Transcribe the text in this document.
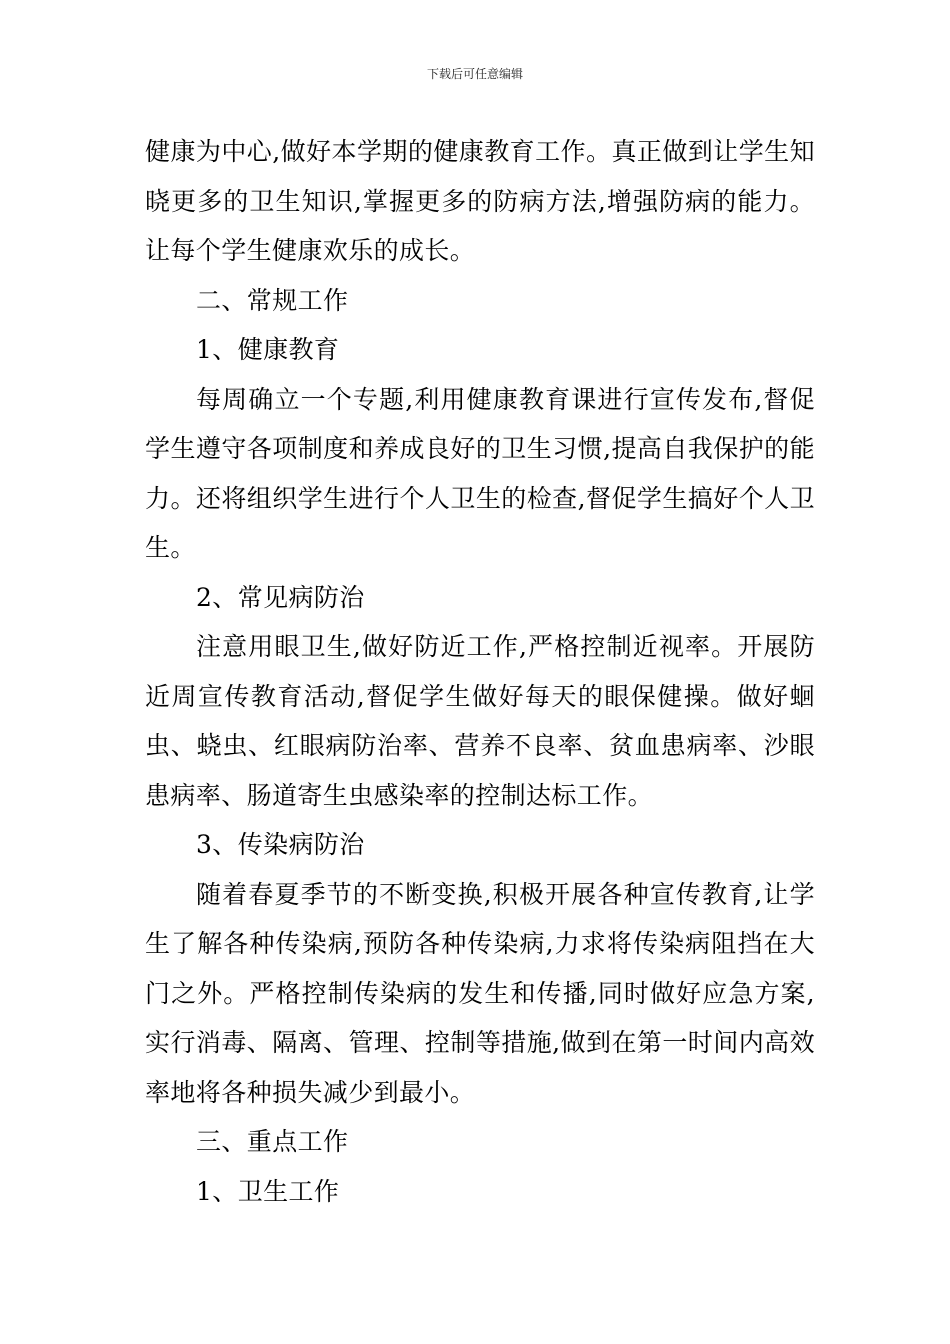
下载后可任意编辑

健康为中心,做好本学期的健康教育工作。真正做到让学生知晓更多的卫生知识,掌握更多的防病方法,增强防病的能力。让每个学生健康欢乐的成长。

二、常规工作

1、健康教育

每周确立一个专题,利用健康教育课进行宣传发布,督促学生遵守各项制度和养成良好的卫生习惯,提高自我保护的能力。还将组织学生进行个人卫生的检查,督促学生搞好个人卫生。

2、常见病防治

注意用眼卫生,做好防近工作,严格控制近视率。开展防近周宣传教育活动,督促学生做好每天的眼保健操。做好蛔虫、蛲虫、红眼病防治率、营养不良率、贫血患病率、沙眼患病率、肠道寄生虫感染率的控制达标工作。

3、传染病防治

随着春夏季节的不断变换,积极开展各种宣传教育,让学生了解各种传染病,预防各种传染病,力求将传染病阻挡在大门之外。严格控制传染病的发生和传播,同时做好应急方案,实行消毒、隔离、管理、控制等措施,做到在第一时间内高效率地将各种损失减少到最小。

三、重点工作

1、卫生工作
